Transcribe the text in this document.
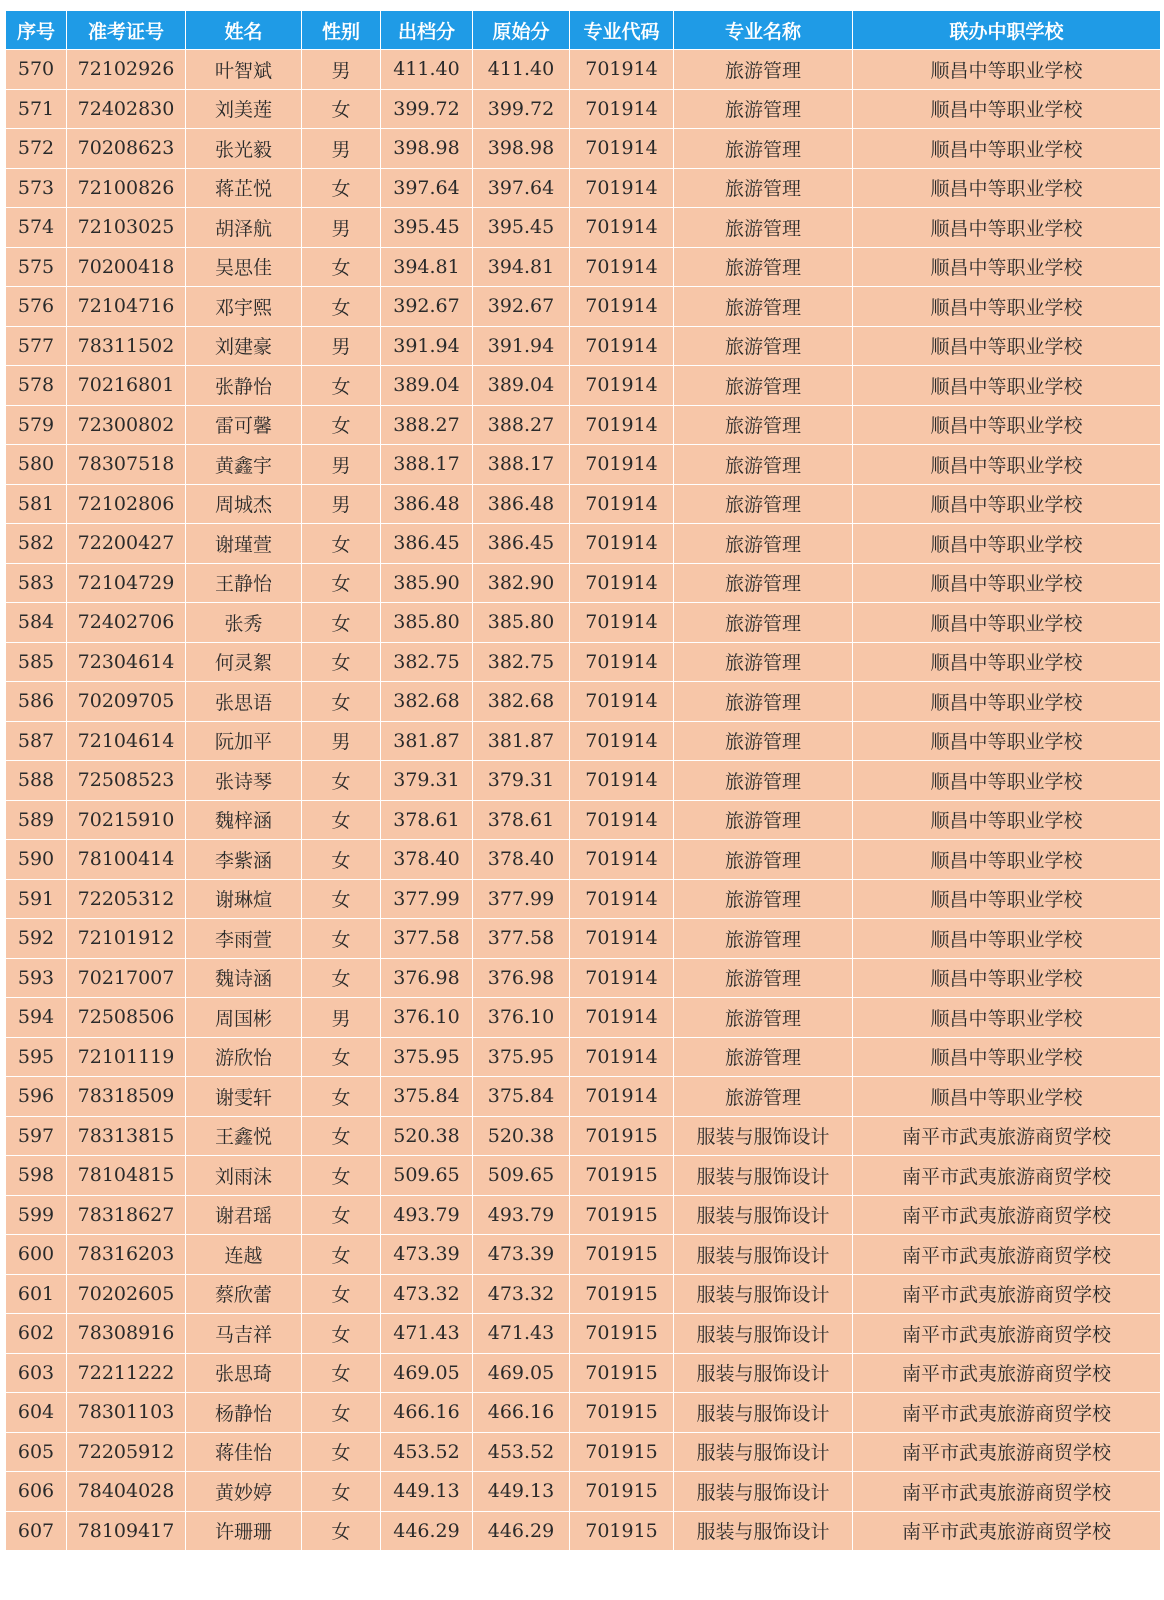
序号	准考证号	姓名	性别	出档分	原始分	专业代码	专业名称	联办中职学校
570	72102926	叶智斌	男	411.40	411.40	701914	旅游管理	顺昌中等职业学校
571	72402830	刘美莲	女	399.72	399.72	701914	旅游管理	顺昌中等职业学校
572	70208623	张光毅	男	398.98	398.98	701914	旅游管理	顺昌中等职业学校
573	72100826	蒋芷悦	女	397.64	397.64	701914	旅游管理	顺昌中等职业学校
574	72103025	胡泽航	男	395.45	395.45	701914	旅游管理	顺昌中等职业学校
575	70200418	吴思佳	女	394.81	394.81	701914	旅游管理	顺昌中等职业学校
576	72104716	邓宇熙	女	392.67	392.67	701914	旅游管理	顺昌中等职业学校
577	78311502	刘建豪	男	391.94	391.94	701914	旅游管理	顺昌中等职业学校
578	70216801	张静怡	女	389.04	389.04	701914	旅游管理	顺昌中等职业学校
579	72300802	雷可馨	女	388.27	388.27	701914	旅游管理	顺昌中等职业学校
580	78307518	黄鑫宇	男	388.17	388.17	701914	旅游管理	顺昌中等职业学校
581	72102806	周城杰	男	386.48	386.48	701914	旅游管理	顺昌中等职业学校
582	72200427	谢瑾萱	女	386.45	386.45	701914	旅游管理	顺昌中等职业学校
583	72104729	王静怡	女	385.90	382.90	701914	旅游管理	顺昌中等职业学校
584	72402706	张秀	女	385.80	385.80	701914	旅游管理	顺昌中等职业学校
585	72304614	何灵絮	女	382.75	382.75	701914	旅游管理	顺昌中等职业学校
586	70209705	张思语	女	382.68	382.68	701914	旅游管理	顺昌中等职业学校
587	72104614	阮加平	男	381.87	381.87	701914	旅游管理	顺昌中等职业学校
588	72508523	张诗琴	女	379.31	379.31	701914	旅游管理	顺昌中等职业学校
589	70215910	魏梓涵	女	378.61	378.61	701914	旅游管理	顺昌中等职业学校
590	78100414	李紫涵	女	378.40	378.40	701914	旅游管理	顺昌中等职业学校
591	72205312	谢琳煊	女	377.99	377.99	701914	旅游管理	顺昌中等职业学校
592	72101912	李雨萱	女	377.58	377.58	701914	旅游管理	顺昌中等职业学校
593	70217007	魏诗涵	女	376.98	376.98	701914	旅游管理	顺昌中等职业学校
594	72508506	周国彬	男	376.10	376.10	701914	旅游管理	顺昌中等职业学校
595	72101119	游欣怡	女	375.95	375.95	701914	旅游管理	顺昌中等职业学校
596	78318509	谢雯轩	女	375.84	375.84	701914	旅游管理	顺昌中等职业学校
597	78313815	王鑫悦	女	520.38	520.38	701915	服装与服饰设计	南平市武夷旅游商贸学校
598	78104815	刘雨沫	女	509.65	509.65	701915	服装与服饰设计	南平市武夷旅游商贸学校
599	78318627	谢君瑶	女	493.79	493.79	701915	服装与服饰设计	南平市武夷旅游商贸学校
600	78316203	连越	女	473.39	473.39	701915	服装与服饰设计	南平市武夷旅游商贸学校
601	70202605	蔡欣蕾	女	473.32	473.32	701915	服装与服饰设计	南平市武夷旅游商贸学校
602	78308916	马吉祥	女	471.43	471.43	701915	服装与服饰设计	南平市武夷旅游商贸学校
603	72211222	张思琦	女	469.05	469.05	701915	服装与服饰设计	南平市武夷旅游商贸学校
604	78301103	杨静怡	女	466.16	466.16	701915	服装与服饰设计	南平市武夷旅游商贸学校
605	72205912	蒋佳怡	女	453.52	453.52	701915	服装与服饰设计	南平市武夷旅游商贸学校
606	78404028	黄妙婷	女	449.13	449.13	701915	服装与服饰设计	南平市武夷旅游商贸学校
607	78109417	许珊珊	女	446.29	446.29	701915	服装与服饰设计	南平市武夷旅游商贸学校
